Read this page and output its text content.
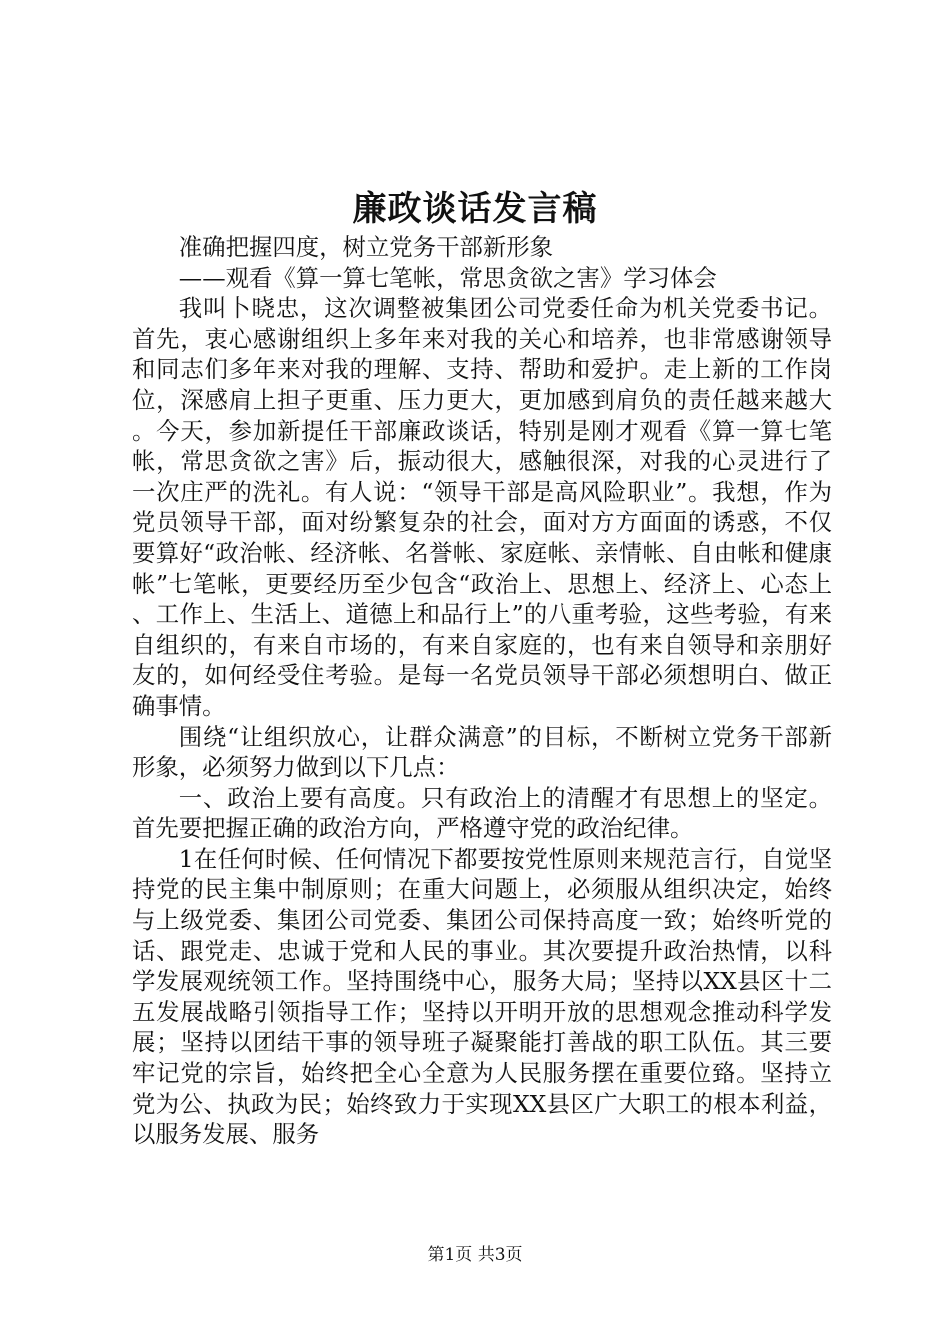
廉政谈话发言稿

准确把握四度，树立党务干部新形象

——观看《算一算七笔帐，常思贪欲之害》学习体会

我叫卜晓忠，这次调整被集团公司党委任命为机关党委书记。首先，衷心感谢组织上多年来对我的关心和培养，也非常感谢领导和同志们多年来对我的理解、支持、帮助和爱护。走上新的工作岗位，深感肩上担子更重、压力更大，更加感到肩负的责任越来越大。今天，参加新提任干部廉政谈话，特别是刚才观看《算一算七笔帐，常思贪欲之害》后，振动很大，感触很深，对我的心灵进行了一次庄严的洗礼。有人说：“领导干部是高风险职业”。我想，作为党员领导干部，面对纷繁复杂的社会，面对方方面面的诱惑，不仅要算好“政治帐、经济帐、名誉帐、家庭帐、亲情帐、自由帐和健康帐”七笔帐，更要经历至少包含“政治上、思想上、经济上、心态上、工作上、生活上、道德上和品行上”的八重考验，这些考验，有来自组织的，有来自市场的，有来自家庭的，也有来自领导和亲朋好友的，如何经受住考验。是每一名党员领导干部必须想明白、做正确事情。

围绕“让组织放心，让群众满意”的目标，不断树立党务干部新形象，必须努力做到以下几点：

一、政治上要有高度。只有政治上的清醒才有思想上的坚定。首先要把握正确的政治方向，严格遵守党的政治纪律。

1在任何时候、任何情况下都要按党性原则来规范言行，自觉坚持党的民主集中制原则；在重大问题上，必须服从组织决定，始终与上级党委、集团公司党委、集团公司保持高度一致；始终听党的话、跟党走、忠诚于党和人民的事业。其次要提升政治热情，以科学发展观统领工作。坚持围绕中心，服务大局；坚持以XX县区十二五发展战略引领指导工作；坚持以开明开放的思想观念推动科学发展；坚持以团结干事的领导班子凝聚能打善战的职工队伍。其三要牢记党的宗旨，始终把全心全意为人民服务摆在重要位臵。坚持立党为公、执政为民；始终致力于实现XX县区广大职工的根本利益，以服务发展、服务

第1页 共3页
